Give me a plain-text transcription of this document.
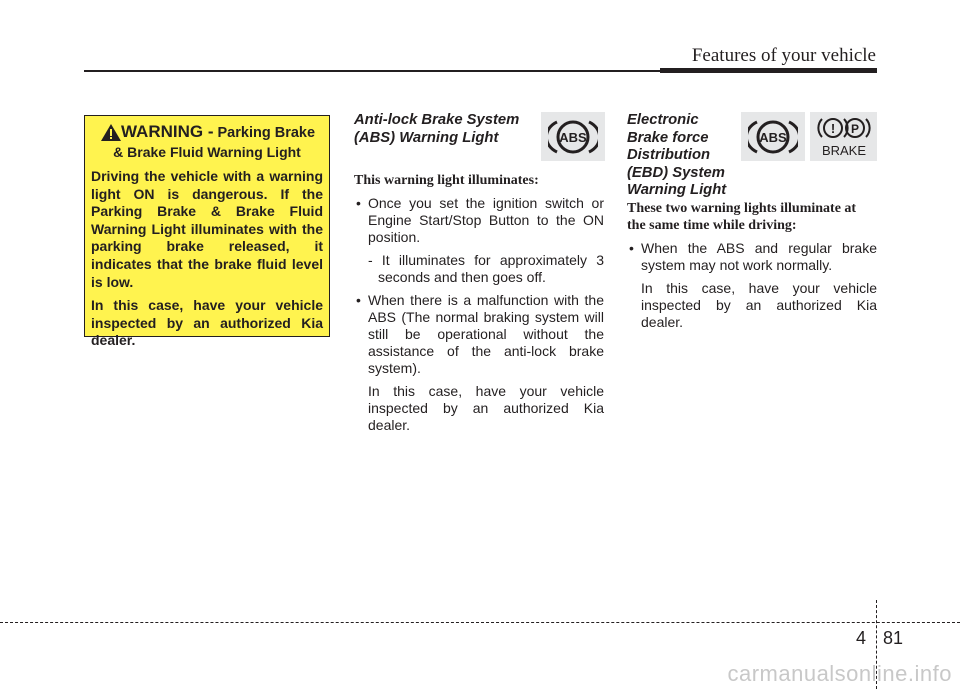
Features of your vehicle
WARNING - Parking Brake
& Brake Fluid Warning Light

Driving the vehicle with a warning light ON is dangerous. If the Parking Brake & Brake Fluid Warning Light illuminates with the parking brake released, it indicates that the brake fluid level is low.

In this case, have your vehicle inspected by an authorized Kia dealer.

Anti-lock Brake System
(ABS) Warning Light	ABS

This warning light illuminates:

• Once you set the ignition switch or Engine Start/Stop Button to the ON position.

- It illuminates for approximately 3 seconds and then goes off.

• When there is a malfunction with the ABS (The normal braking system will still be operational without the assistance of the anti-lock brake system).

In this case, have your vehicle inspected by an authorized Kia dealer.

Electronic
Brake force
Distribution
(EBD) System
Warning Light
ABS
! P
BRAKE

These two warning lights illuminate at the same time while driving:

• When the ABS and regular brake system may not work normally.

In this case, have your vehicle inspected by an authorized Kia dealer.

4 81
carmanualsonline.info
